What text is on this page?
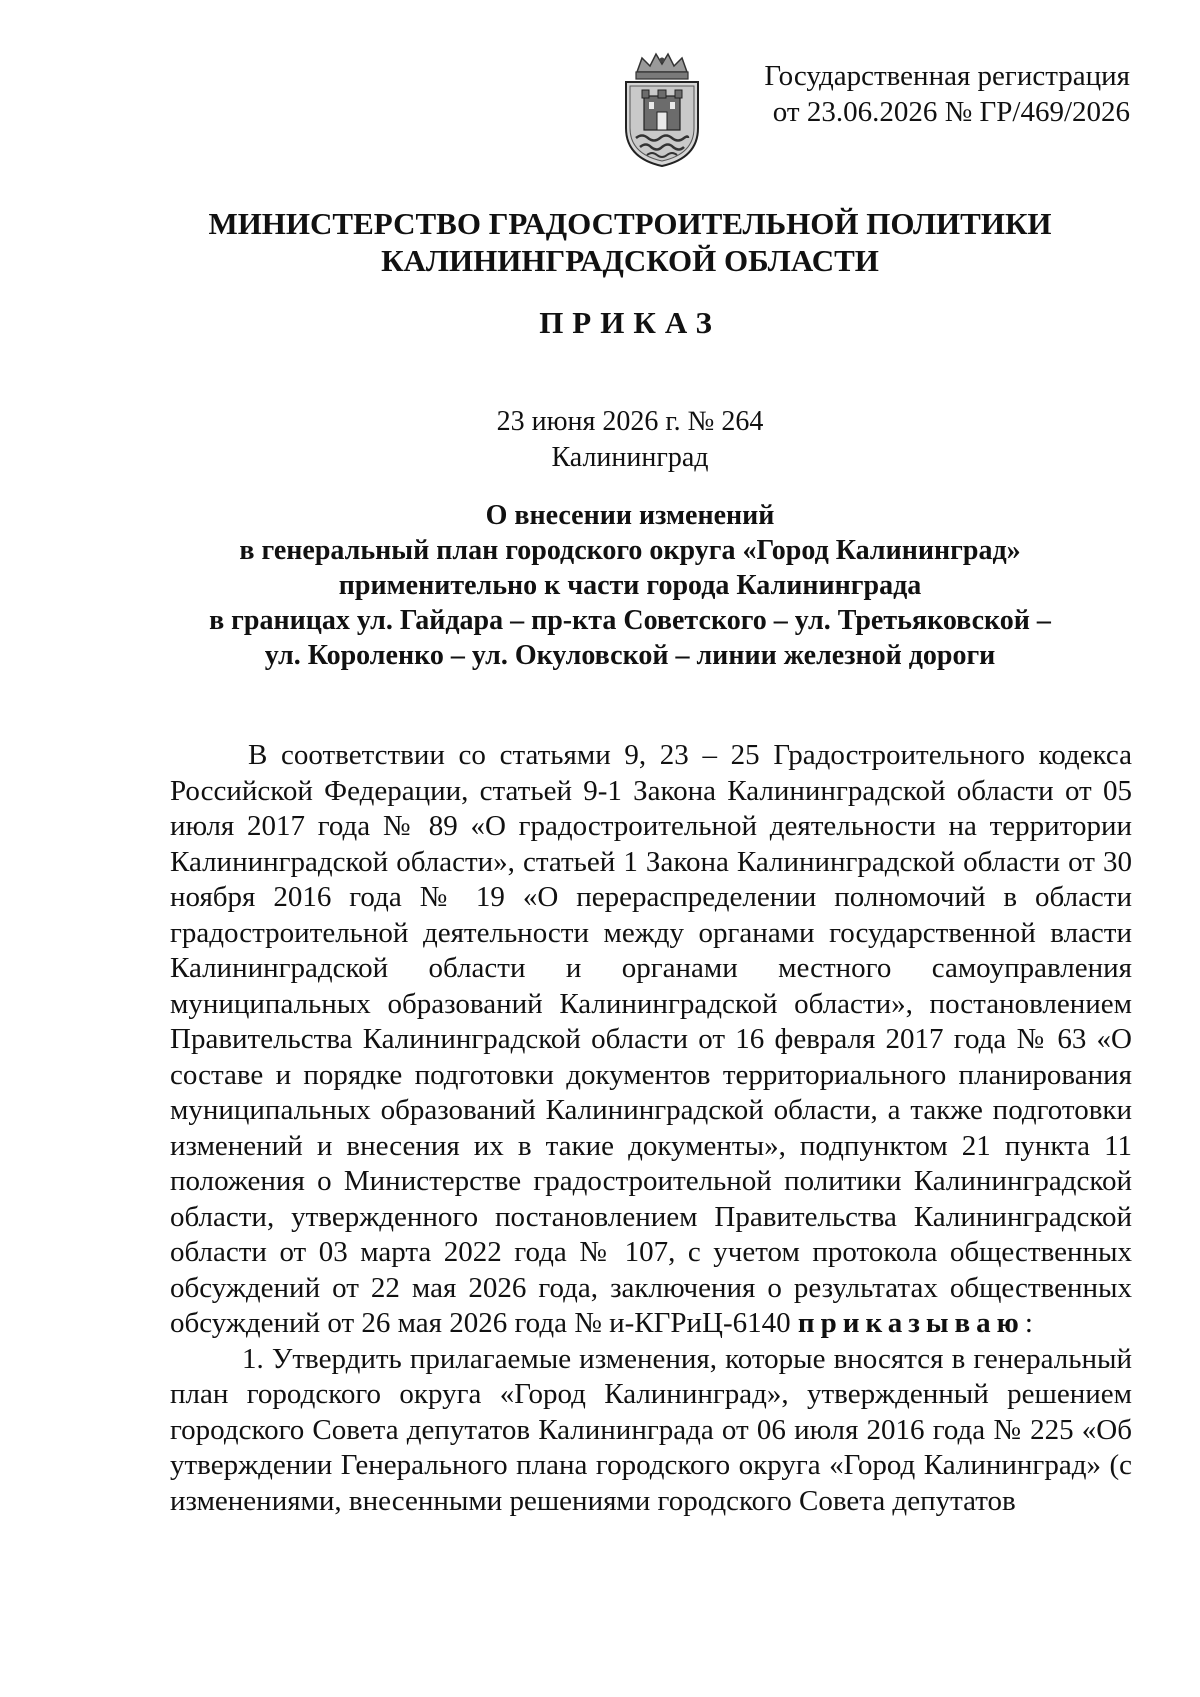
Государственная регистрация
от 23.06.2026 № ГР/469/2026
МИНИСТЕРСТВО ГРАДОСТРОИТЕЛЬНОЙ ПОЛИТИКИ
КАЛИНИНГРАДСКОЙ ОБЛАСТИ
ПРИКАЗ
23 июня 2026 г. № 264
Калининград
О внесении изменений
в генеральный план городского округа «Город Калининград»
применительно к части города Калининграда
в границах ул. Гайдара – пр-кта Советского – ул. Третьяковской –
ул. Короленко – ул. Окуловской – линии железной дороги

В соответствии со статьями 9, 23 – 25 Градостроительного кодекса Российской Федерации, статьей 9-1 Закона Калининградской области от 05 июля 2017 года № 89 «О градостроительной деятельности на территории Калининградской области», статьей 1 Закона Калининградской области от 30 ноября 2016 года № 19 «О перераспределении полномочий в области градостроительной деятельности между органами государственной власти Калининградской области и органами местного самоуправления муниципальных образований Калининградской области», постановлением Правительства Калининградской области от 16 февраля 2017 года № 63 «О составе и порядке подготовки документов территориального планирования муниципальных образований Калининградской области, а также подготовки изменений и внесения их в такие документы», подпунктом 21 пункта 11 положения о Министерстве градостроительной политики Калининградской области, утвержденного постановлением Правительства Калининградской области от 03 марта 2022 года № 107, с учетом протокола общественных обсуждений от 22 мая 2026 года, заключения о результатах общественных обсуждений от 26 мая 2026 года № и-КГРиЦ-6140 приказываю:

1. Утвердить прилагаемые изменения, которые вносятся в генеральный план городского округа «Город Калининград», утвержденный решением городского Совета депутатов Калининграда от 06 июля 2016 года № 225 «Об утверждении Генерального плана городского округа «Город Калининград» (с изменениями, внесенными решениями городского Совета депутатов
